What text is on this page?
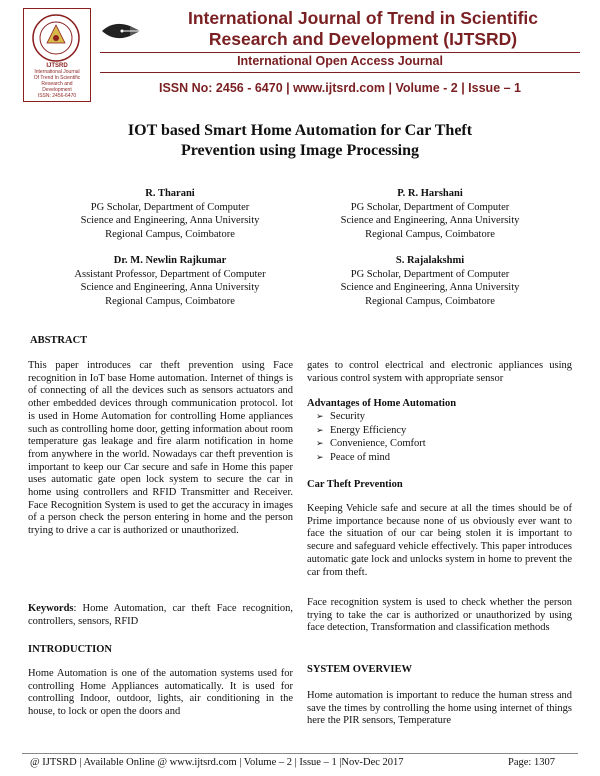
IJTSRD
International Journal
Of Trend In Scientific
Research and
Development
ISSN: 2456-6470
International Journal of Trend in Scientific
Research and Development (IJTSRD)
International Open Access Journal
ISSN No: 2456 - 6470 | www.ijtsrd.com | Volume - 2 | Issue – 1
IOT based Smart Home Automation for Car Theft
Prevention using Image Processing
R. Tharani
PG Scholar, Department of Computer
Science and Engineering, Anna University
Regional Campus, Coimbatore
P. R. Harshani
PG Scholar, Department of Computer
Science and Engineering, Anna University
Regional Campus, Coimbatore
Dr. M. Newlin Rajkumar
Assistant Professor, Department of Computer
Science and Engineering, Anna University
Regional Campus, Coimbatore
S. Rajalakshmi
PG Scholar, Department of Computer
Science and Engineering, Anna University
Regional Campus, Coimbatore
ABSTRACT

This paper introduces car theft prevention using Face recognition in IoT base Home automation. Internet of things is of connecting of all the devices such as sensors actuators and other embedded devices through communication protocol. Iot is used in Home Automation for controlling Home appliances such as controlling home door, getting information about room temperature gas leakage and fire alarm notification in home from anywhere in the world. Nowadays car theft prevention is important to keep our Car secure and safe in Home this paper uses automatic gate open lock system to secure the car in home using controllers and RFID Transmitter and Receiver. Face Recognition System is used to get the accuracy in images of a person check the person entering in home and the person trying to drive a car is authorized or unauthorized.

Keywords: Home Automation, car theft Face recognition, controllers, sensors, RFID

INTRODUCTION

Home Automation is one of the automation systems used for controlling Home Appliances automatically. It is used for controlling Indoor, outdoor, lights, air conditioning in the house, to lock or open the doors and

gates to control electrical and electronic appliances using various control system with appropriate sensor

Advantages of Home Automation
➢ Security
➢ Energy Efficiency
➢ Convenience, Comfort
➢ Peace of mind
Car Theft Prevention

Keeping Vehicle safe and secure at all the times should be of Prime importance because none of us obviously ever want to face the situation of our car being stolen it is important to secure and safeguard vehicle effectively. This paper introduces automatic gate lock and unlocks system in home to prevent the car from theft.

Face recognition system is used to check whether the person trying to take the car is authorized or unauthorized by using face detection, Transformation and classification methods

SYSTEM OVERVIEW

Home automation is important to reduce the human stress and save the times by controlling the home using internet of things here the PIR sensors, Temperature

@ IJTSRD | Available Online @ www.ijtsrd.com | Volume – 2 | Issue – 1 |Nov-Dec 2017	Page: 1307
